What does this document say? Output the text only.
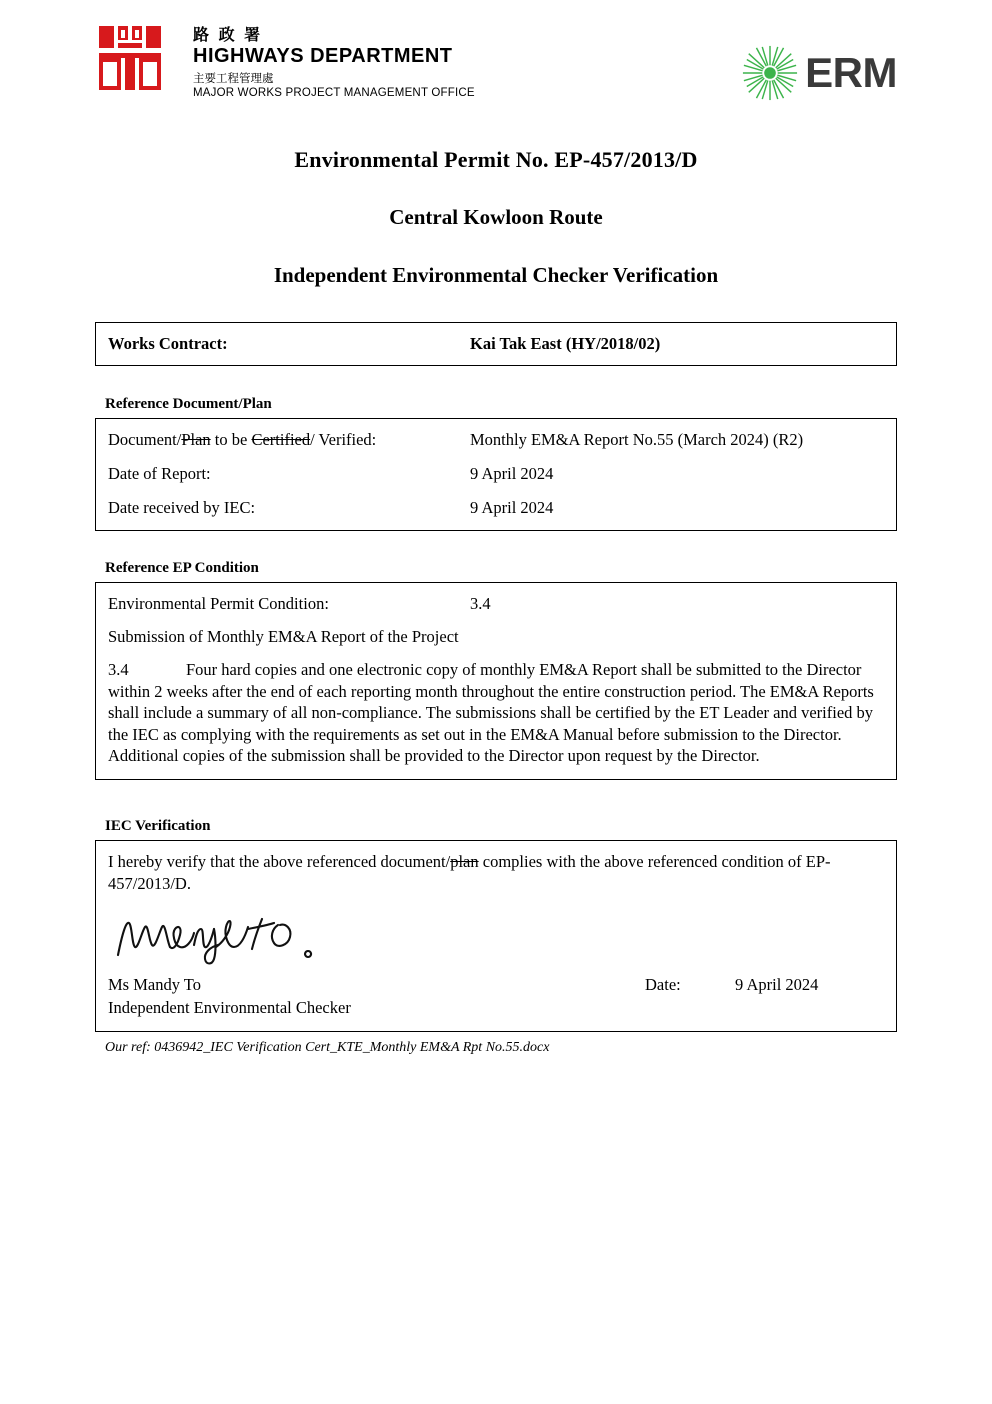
路 政 署
HIGHWAYS DEPARTMENT
主要工程管理處
MAJOR WORKS PROJECT MANAGEMENT OFFICE	ERM
Environmental Permit No. EP-457/2013/D
Central Kowloon Route
Independent Environmental Checker Verification
Works Contract:	Kai Tak East (HY/2018/02)
Reference Document/Plan
Document/Plan to be Certified/ Verified:	Monthly EM&A Report No.55 (March 2024) (R2)
Date of Report:	9 April 2024
Date received by IEC:	9 April 2024
Reference EP Condition
Environmental Permit Condition:	3.4
Submission of Monthly EM&A Report of the Project
3.4	Four hard copies and one electronic copy of monthly EM&A Report shall be submitted to the Director within 2 weeks after the end of each reporting month throughout the entire construction period. The EM&A Reports shall include a summary of all non-compliance. The submissions shall be certified by the ET Leader and verified by the IEC as complying with the requirements as set out in the EM&A Manual before submission to the Director. Additional copies of the submission shall be provided to the Director upon request by the Director.
IEC Verification
I hereby verify that the above referenced document/plan complies with the above referenced condition of EP-457/2013/D.
Ms Mandy To	Date:	9 April 2024
Independent Environmental Checker
Our ref: 0436942_IEC Verification Cert_KTE_Monthly EM&A Rpt No.55.docx
